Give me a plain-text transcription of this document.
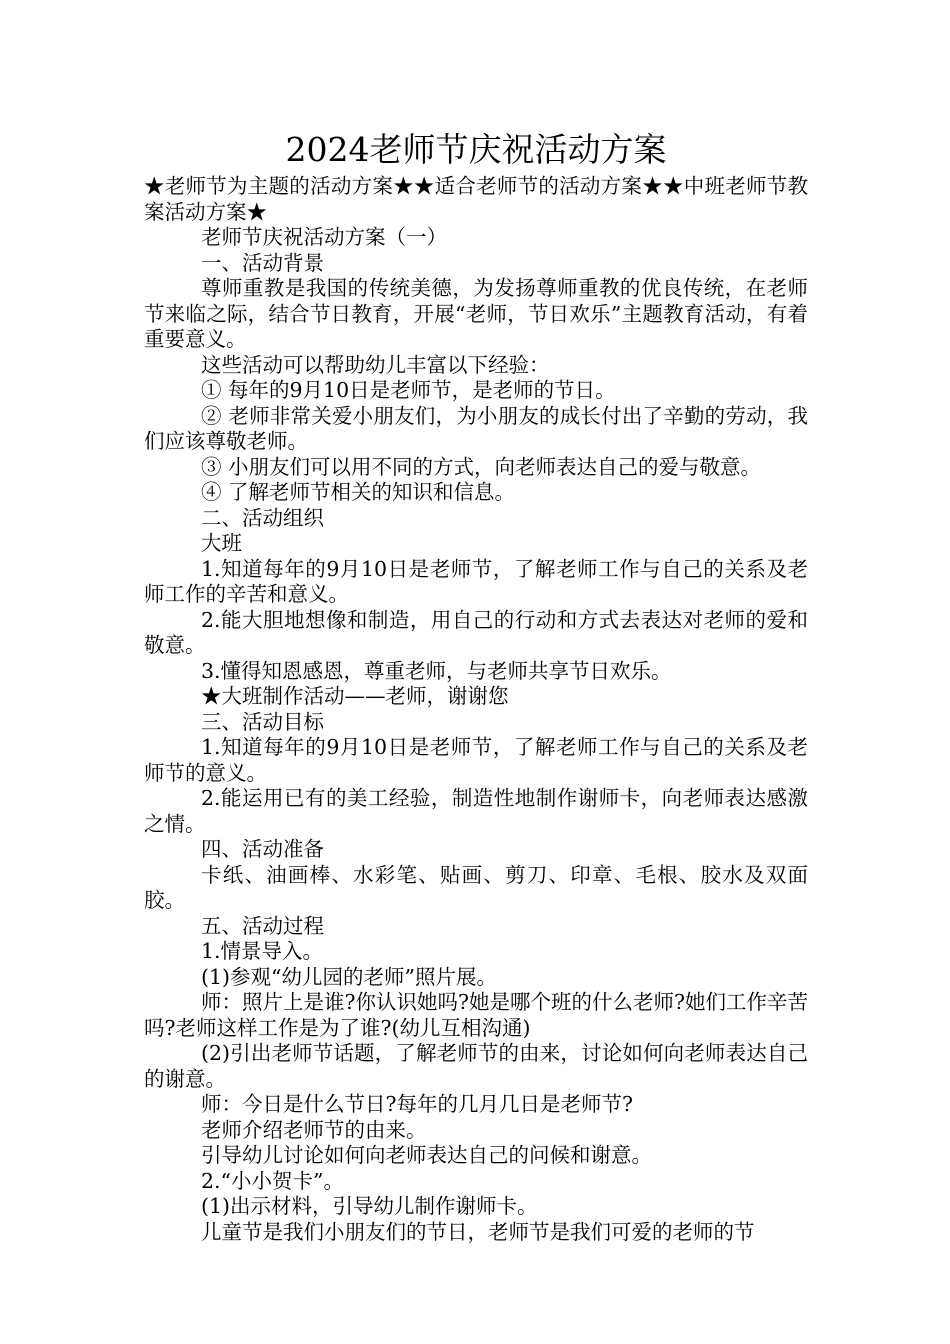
2024老师节庆祝活动方案

★老师节为主题的活动方案★★适合老师节的活动方案★★中班老师节教案活动方案★

老师节庆祝活动方案（一）

一、活动背景

尊师重教是我国的传统美德，为发扬尊师重教的优良传统，在老师节来临之际，结合节日教育，开展“老师，节日欢乐”主题教育活动，有着重要意义。

这些活动可以帮助幼儿丰富以下经验：

① 每年的9月10日是老师节，是老师的节日。

② 老师非常关爱小朋友们，为小朋友的成长付出了辛勤的劳动，我们应该尊敬老师。

③ 小朋友们可以用不同的方式，向老师表达自己的爱与敬意。

④ 了解老师节相关的知识和信息。

二、活动组织

大班

1.知道每年的9月10日是老师节，了解老师工作与自己的关系及老师工作的辛苦和意义。

2.能大胆地想像和制造，用自己的行动和方式去表达对老师的爱和敬意。

3.懂得知恩感恩，尊重老师，与老师共享节日欢乐。

★大班制作活动——老师，谢谢您

三、活动目标

1.知道每年的9月10日是老师节，了解老师工作与自己的关系及老师节的意义。

2.能运用已有的美工经验，制造性地制作谢师卡，向老师表达感激之情。

四、活动准备

卡纸、油画棒、水彩笔、贴画、剪刀、印章、毛根、胶水及双面胶。

五、活动过程

1.情景导入。

(1)参观“幼儿园的老师”照片展。

师：照片上是谁?你认识她吗?她是哪个班的什么老师?她们工作辛苦吗?老师这样工作是为了谁?(幼儿互相沟通)

(2)引出老师节话题，了解老师节的由来，讨论如何向老师表达自己的谢意。

师：今日是什么节日?每年的几月几日是老师节?

老师介绍老师节的由来。

引导幼儿讨论如何向老师表达自己的问候和谢意。

2.“小小贺卡”。

(1)出示材料，引导幼儿制作谢师卡。

儿童节是我们小朋友们的节日，老师节是我们可爱的老师的节
